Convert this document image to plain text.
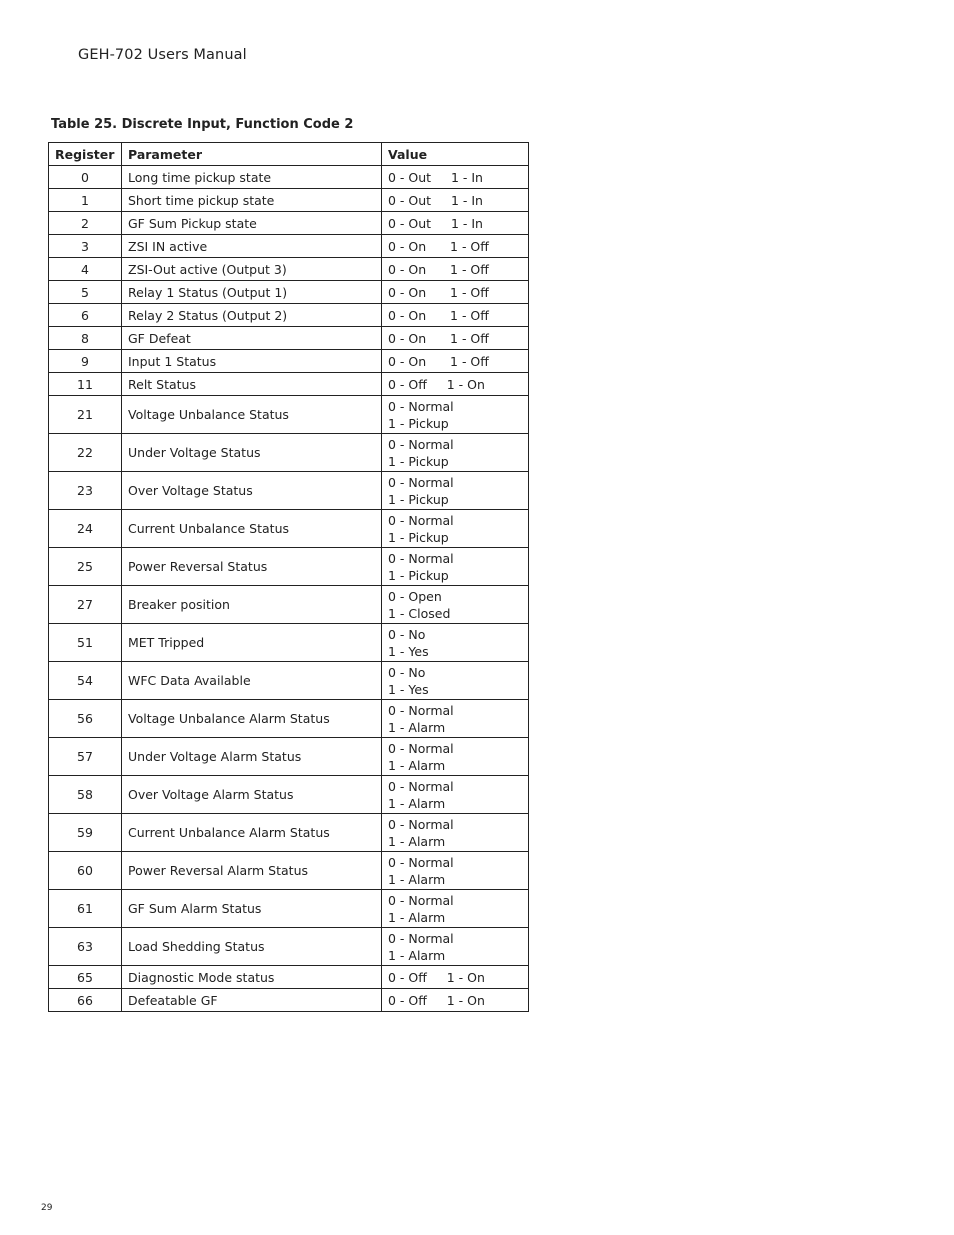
GEH-702 Users Manual
Table 25. Discrete Input, Function Code 2
Register	Parameter	Value
0	Long time pickup state	0 - Out     1 - In
1	Short time pickup state	0 - Out     1 - In
2	GF Sum Pickup state	0 - Out     1 - In
3	ZSI IN active	0 - On      1 - Off
4	ZSI-Out active (Output 3)	0 - On      1 - Off
5	Relay 1 Status (Output 1)	0 - On      1 - Off
6	Relay 2 Status (Output 2)	0 - On      1 - Off
8	GF Defeat	0 - On      1 - Off
9	Input 1 Status	0 - On      1 - Off
11	Relt Status	0 - Off     1 - On
21	Voltage Unbalance Status	0 - Normal
1 - Pickup

22	Under Voltage Status	0 - Normal
1 - Pickup

23	Over Voltage Status	0 - Normal
1 - Pickup

24	Current Unbalance Status	0 - Normal
1 - Pickup

25	Power Reversal Status	0 - Normal
1 - Pickup

27	Breaker position	0 - Open
1 - Closed

51	MET Tripped	0 - No
1 - Yes

54	WFC Data Available	0 - No
1 - Yes

56	Voltage Unbalance Alarm Status	0 - Normal
1 - Alarm

57	Under Voltage Alarm Status	0 - Normal
1 - Alarm

58	Over Voltage Alarm Status	0 - Normal
1 - Alarm

59	Current Unbalance Alarm Status	0 - Normal
1 - Alarm

60	Power Reversal Alarm Status	0 - Normal
1 - Alarm

61	GF Sum Alarm Status	0 - Normal
1 - Alarm

63	Load Shedding Status	0 - Normal
1 - Alarm

65	Diagnostic Mode status	0 - Off     1 - On
66	Defeatable GF	0 - Off     1 - On
29
